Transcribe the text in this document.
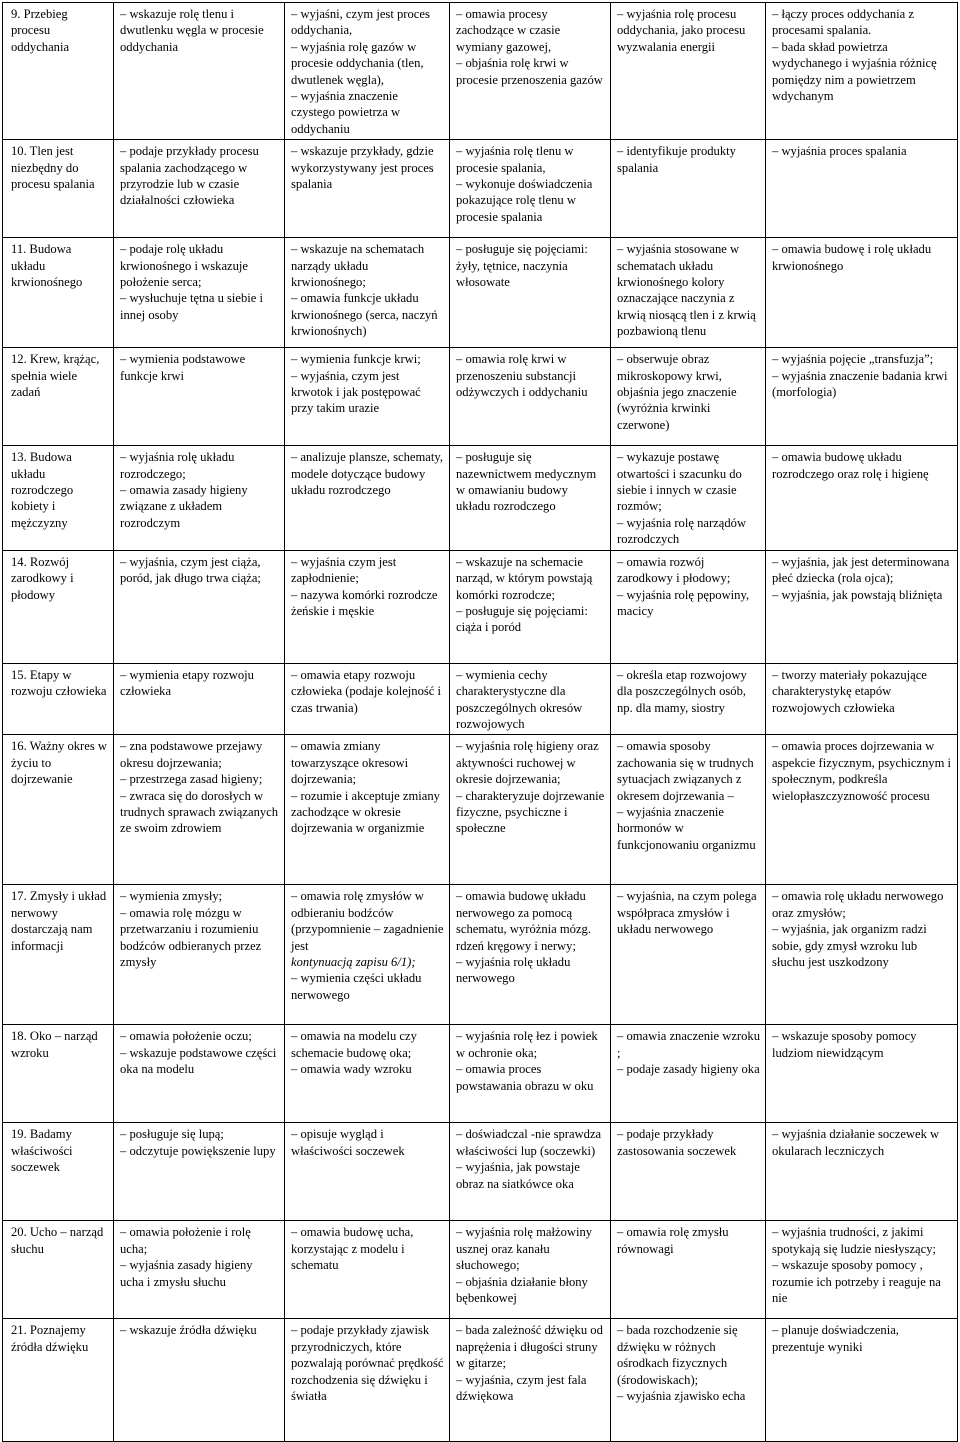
9. Przebieg procesu oddychania	– wskazuje rolę tlenu i dwutlenku węgla w procesie oddychania	– wyjaśni, czym jest proces oddychania,
– wyjaśnia rolę gazów w procesie oddychania (tlen, dwutlenek węgla),
– wyjaśnia znaczenie czystego powietrza w oddychaniu	– omawia procesy zachodzące w czasie wymiany gazowej,
– objaśnia rolę krwi w procesie przenoszenia gazów	– wyjaśnia rolę procesu oddychania, jako procesu wyzwalania energii	– łączy proces oddychania z procesami spalania.
– bada skład powietrza wydychanego i wyjaśnia różnicę pomiędzy nim a powietrzem wdychanym

10. Tlen jest niezbędny do procesu spalania	– podaje przykłady procesu spalania zachodzącego w przyrodzie lub w czasie działalności człowieka	– wskazuje przykłady, gdzie wykorzystywany jest proces spalania	– wyjaśnia rolę tlenu w procesie spalania,
– wykonuje doświadczenia pokazujące rolę tlenu w procesie spalania	– identyfikuje produkty spalania	– wyjaśnia proces spalania

11. Budowa układu krwionośnego	– podaje rolę układu krwionośnego i wskazuje położenie serca;
– wysłuchuje tętna u siebie i innej osoby	– wskazuje na schematach narządy układu krwionośnego;
– omawia funkcje układu krwionośnego (serca, naczyń krwionośnych)	– posługuje się pojęciami: żyły, tętnice, naczynia włosowate	– wyjaśnia stosowane w schematach układu krwionośnego kolory oznaczające naczynia z krwią niosącą tlen i z krwią pozbawioną tlenu	– omawia budowę i rolę układu krwionośnego

12. Krew, krążąc, spełnia wiele zadań	– wymienia podstawowe funkcje krwi	– wymienia funkcje krwi;
– wyjaśnia, czym jest krwotok i jak postępować przy takim urazie	– omawia rolę krwi w przenoszeniu substancji odżywczych i oddychaniu	– obserwuje obraz mikroskopowy krwi, objaśnia jego znaczenie (wyróżnia krwinki czerwone)	– wyjaśnia pojęcie „transfuzja”;
– wyjaśnia znaczenie badania krwi (morfologia)

13. Budowa układu rozrodczego kobiety i mężczyzny	– wyjaśnia rolę układu rozrodczego;
– omawia zasady higieny związane z układem rozrodczym	– analizuje plansze, schematy, modele dotyczące budowy układu rozrodczego	– posługuje się nazewnictwem medycznym w omawianiu budowy układu rozrodczego	– wykazuje postawę otwartości i szacunku do siebie i innych w czasie rozmów;
– wyjaśnia rolę narządów rozrodczych	– omawia budowę układu rozrodczego oraz rolę i higienę

14. Rozwój zarodkowy i płodowy	– wyjaśnia, czym jest ciąża, poród, jak długo trwa ciąża;	– wyjaśnia czym jest zapłodnienie;
– nazywa komórki rozrodcze żeńskie i męskie	– wskazuje na schemacie narząd, w którym powstają komórki rozrodcze;
– posługuje się pojęciami: ciąża i poród	– omawia rozwój zarodkowy i płodowy;
– wyjaśnia rolę pępowiny, macicy	– wyjaśnia, jak jest determinowana płeć dziecka (rola ojca);
– wyjaśnia, jak powstają bliźnięta

15. Etapy w rozwoju człowieka	– wymienia etapy rozwoju człowieka	– omawia etapy rozwoju człowieka (podaje kolejność i czas trwania)	– wymienia cechy charakterystyczne dla poszczególnych okresów rozwojowych	– określa etap rozwojowy dla poszczególnych osób, np. dla mamy, siostry	– tworzy materiały pokazujące charakterystykę etapów rozwojowych człowieka

16. Ważny okres w życiu to dojrzewanie	– zna podstawowe przejawy okresu dojrzewania;
– przestrzega zasad higieny;
– zwraca się do dorosłych w trudnych sprawach związanych ze swoim zdrowiem	– omawia zmiany towarzyszące okresowi dojrzewania;
– rozumie i akceptuje zmiany zachodzące w okresie dojrzewania w organizmie	– wyjaśnia rolę higieny oraz aktywności ruchowej w okresie dojrzewania;
– charakteryzuje dojrzewanie fizyczne, psychiczne i społeczne	– omawia sposoby zachowania się w trudnych sytuacjach związanych z okresem dojrzewania –
– wyjaśnia znaczenie hormonów w funkcjonowaniu organizmu	– omawia proces dojrzewania w aspekcie fizycznym, psychicznym i społecznym, podkreśla wielopłaszczyznowość procesu

17. Zmysły i układ nerwowy dostarczają nam informacji	– wymienia zmysły;
– omawia rolę mózgu w przetwarzaniu i rozumieniu bodźców odbieranych przez zmysły	– omawia rolę zmysłów w odbieraniu bodźców (przypomnienie – zagadnienie jest
kontynuacją zapisu 6/1);
– wymienia części układu nerwowego	– omawia budowę układu nerwowego za pomocą schematu, wyróżnia mózg. rdzeń kręgowy i nerwy;
– wyjaśnia rolę układu nerwowego	– wyjaśnia, na czym polega współpraca zmysłów i układu nerwowego	– omawia rolę układu nerwowego oraz zmysłów;
– wyjaśnia, jak organizm radzi sobie, gdy zmysł wzroku lub słuchu jest uszkodzony

18. Oko – narząd wzroku	– omawia położenie oczu;
– wskazuje podstawowe części oka na modelu	– omawia na modelu czy schemacie budowę oka;
– omawia wady wzroku	– wyjaśnia rolę łez i powiek w ochronie oka;
– omawia proces powstawania obrazu w oku	– omawia znaczenie wzroku ;
– podaje zasady higieny oka	– wskazuje sposoby pomocy ludziom niewidzącym

19. Badamy właściwości soczewek	– posługuje się lupą;
– odczytuje powiększenie lupy	– opisuje wygląd i właściwości soczewek	– doświadczal -nie sprawdza właściwości lup (soczewki)
– wyjaśnia, jak powstaje obraz na siatkówce oka	– podaje przykłady zastosowania soczewek	– wyjaśnia działanie soczewek w okularach leczniczych

20. Ucho – narząd słuchu	– omawia położenie i rolę ucha;
– wyjaśnia zasady higieny ucha i zmysłu słuchu	– omawia budowę ucha, korzystając z modelu i schematu	– wyjaśnia rolę małżowiny usznej oraz kanału słuchowego;
– objaśnia działanie błony bębenkowej	– omawia rolę zmysłu równowagi	– wyjaśnia trudności, z jakimi spotykają się ludzie niesłyszący;
– wskazuje sposoby pomocy , rozumie ich potrzeby i reaguje na nie

21. Poznajemy źródła dźwięku	– wskazuje źródła dźwięku	– podaje przykłady zjawisk przyrodniczych, które pozwalają porównać prędkość rozchodzenia się dźwięku i światła	– bada zależność dźwięku od naprężenia i długości struny w gitarze;
– wyjaśnia, czym jest fala dźwiękowa	– bada rozchodzenie się dźwięku w różnych ośrodkach fizycznych (środowiskach);
– wyjaśnia zjawisko echa	– planuje doświadczenia, prezentuje wyniki
